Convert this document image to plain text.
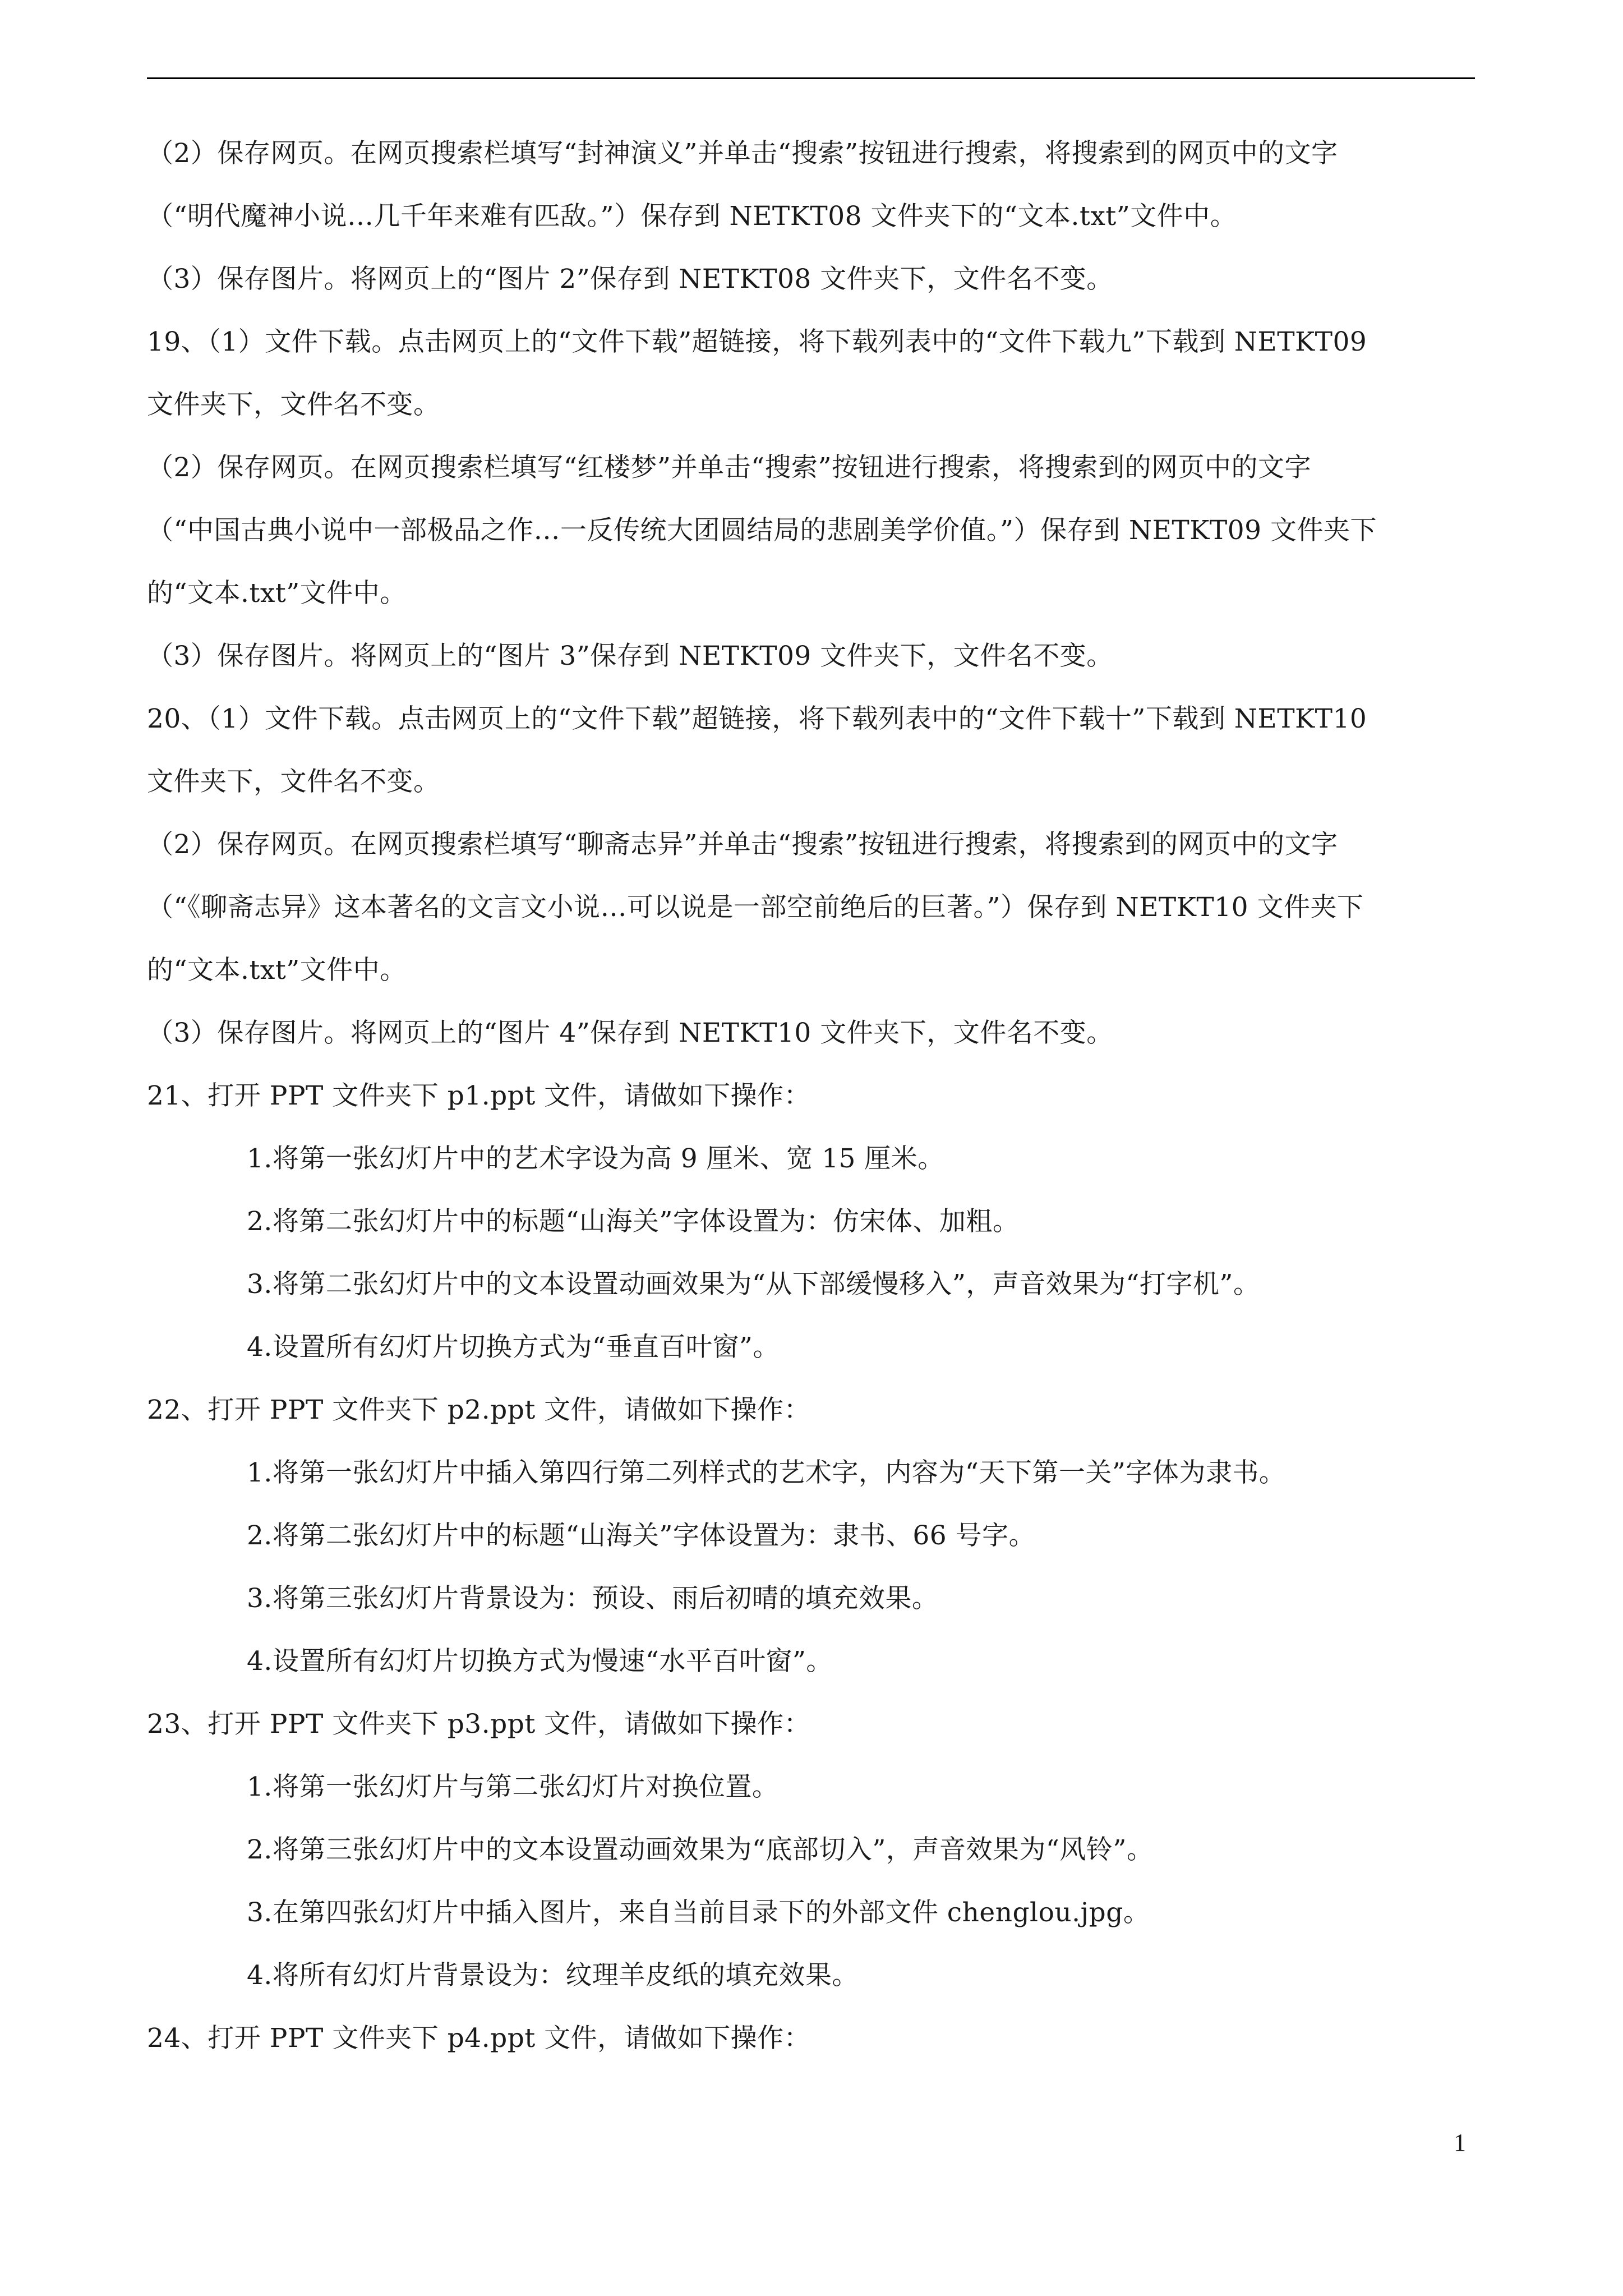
（2）保存网页。在网页搜索栏填写“封神演义”并单击“搜索”按钮进行搜索，将搜索到的网页中的文字
（“明代魔神小说…几千年来难有匹敌。”）保存到 NETKT08 文件夹下的“文本.txt”文件中。
（3）保存图片。将网页上的“图片 2”保存到 NETKT08 文件夹下，文件名不变。
19、（1）文件下载。点击网页上的“文件下载”超链接，将下载列表中的“文件下载九”下载到 NETKT09
文件夹下，文件名不变。
（2）保存网页。在网页搜索栏填写“红楼梦”并单击“搜索”按钮进行搜索，将搜索到的网页中的文字
（“中国古典小说中一部极品之作…一反传统大团圆结局的悲剧美学价值。”）保存到 NETKT09 文件夹下
的“文本.txt”文件中。
（3）保存图片。将网页上的“图片 3”保存到 NETKT09 文件夹下，文件名不变。
20、（1）文件下载。点击网页上的“文件下载”超链接，将下载列表中的“文件下载十”下载到 NETKT10
文件夹下，文件名不变。
（2）保存网页。在网页搜索栏填写“聊斋志异”并单击“搜索”按钮进行搜索，将搜索到的网页中的文字
（“《聊斋志异》这本著名的文言文小说…可以说是一部空前绝后的巨著。”）保存到 NETKT10 文件夹下
的“文本.txt”文件中。
（3）保存图片。将网页上的“图片 4”保存到 NETKT10 文件夹下，文件名不变。
21、打开 PPT 文件夹下 p1.ppt 文件，请做如下操作：
1.将第一张幻灯片中的艺术字设为高 9 厘米、宽 15 厘米。
2.将第二张幻灯片中的标题“山海关”字体设置为：仿宋体、加粗。
3.将第二张幻灯片中的文本设置动画效果为“从下部缓慢移入”，声音效果为“打字机”。
4.设置所有幻灯片切换方式为“垂直百叶窗”。
22、打开 PPT 文件夹下 p2.ppt 文件，请做如下操作：
1.将第一张幻灯片中插入第四行第二列样式的艺术字，内容为“天下第一关”字体为隶书。
2.将第二张幻灯片中的标题“山海关”字体设置为：隶书、66 号字。
3.将第三张幻灯片背景设为：预设、雨后初晴的填充效果。
4.设置所有幻灯片切换方式为慢速“水平百叶窗”。
23、打开 PPT 文件夹下 p3.ppt 文件，请做如下操作：
1.将第一张幻灯片与第二张幻灯片对换位置。
2.将第三张幻灯片中的文本设置动画效果为“底部切入”，声音效果为“风铃”。
3.在第四张幻灯片中插入图片，来自当前目录下的外部文件 chenglou.jpg。
4.将所有幻灯片背景设为：纹理羊皮纸的填充效果。
24、打开 PPT 文件夹下 p4.ppt 文件，请做如下操作：
1
